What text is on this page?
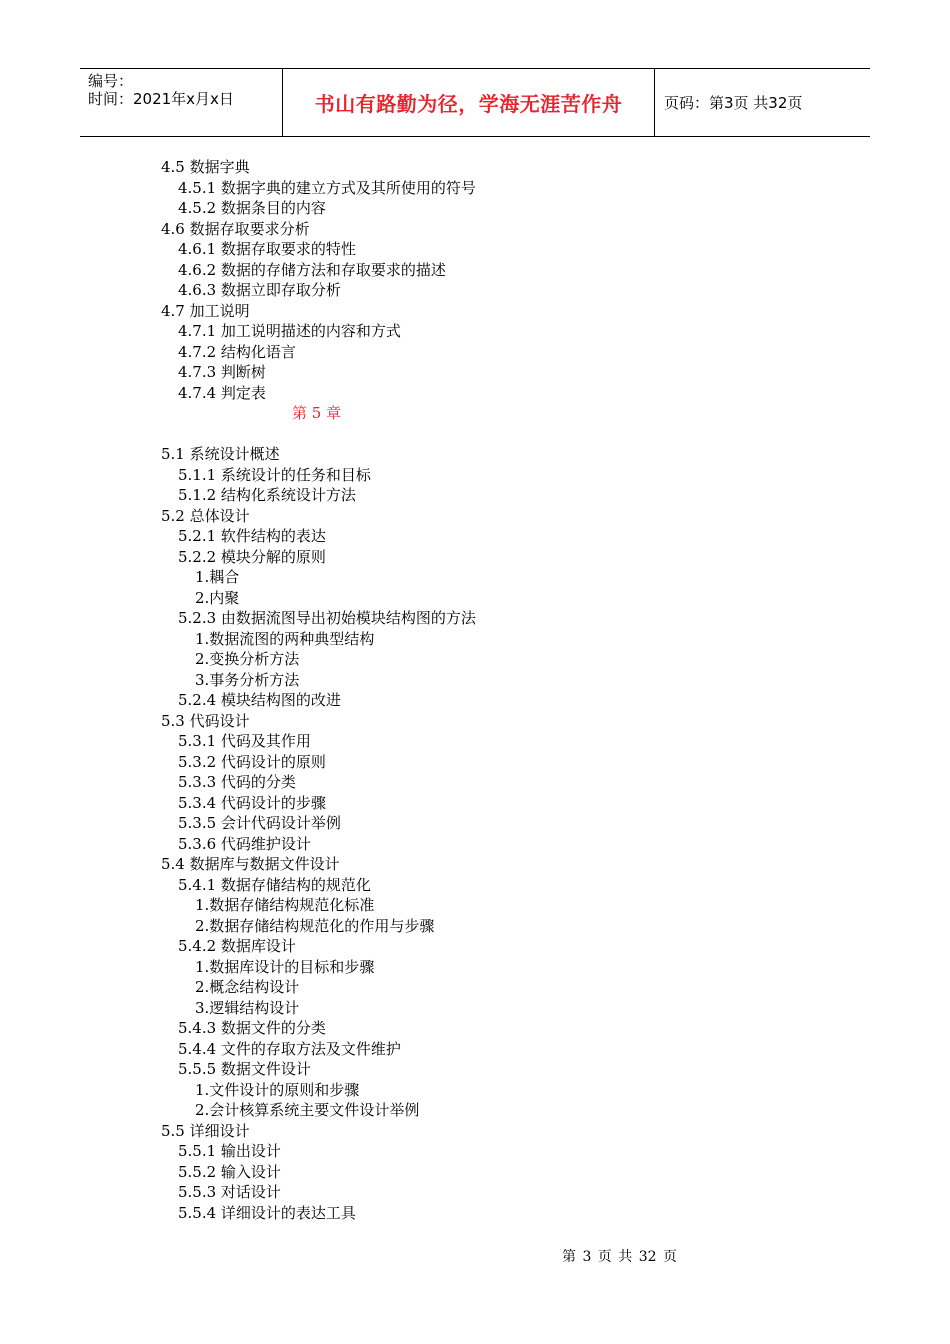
编号：
时间：2021年x月x日	书山有路勤为径，学海无涯苦作舟	页码：第3页 共32页
4.5 数据字典
4.5.1 数据字典的建立方式及其所使用的符号
4.5.2 数据条目的内容
4.6 数据存取要求分析
4.6.1 数据存取要求的特性
4.6.2 数据的存储方法和存取要求的描述
4.6.3 数据立即存取分析
4.7 加工说明
4.7.1 加工说明描述的内容和方式
4.7.2 结构化语言
4.7.3 判断树
4.7.4 判定表
第 5 章
5.1 系统设计概述
5.1.1 系统设计的任务和目标
5.1.2 结构化系统设计方法
5.2 总体设计
5.2.1 软件结构的表达
5.2.2 模块分解的原则
1.耦合
2.内聚
5.2.3 由数据流图导出初始模块结构图的方法
1.数据流图的两种典型结构
2.变换分析方法
3.事务分析方法
5.2.4 模块结构图的改进
5.3 代码设计
5.3.1 代码及其作用
5.3.2 代码设计的原则
5.3.3 代码的分类
5.3.4 代码设计的步骤
5.3.5 会计代码设计举例
5.3.6 代码维护设计
5.4 数据库与数据文件设计
5.4.1 数据存储结构的规范化
1.数据存储结构规范化标准
2.数据存储结构规范化的作用与步骤
5.4.2 数据库设计
1.数据库设计的目标和步骤
2.概念结构设计
3.逻辑结构设计
5.4.3 数据文件的分类
5.4.4 文件的存取方法及文件维护
5.5.5 数据文件设计
1.文件设计的原则和步骤
2.会计核算系统主要文件设计举例
5.5 详细设计
5.5.1 输出设计
5.5.2 输入设计
5.5.3 对话设计
5.5.4 详细设计的表达工具
第 3 页 共 32 页
